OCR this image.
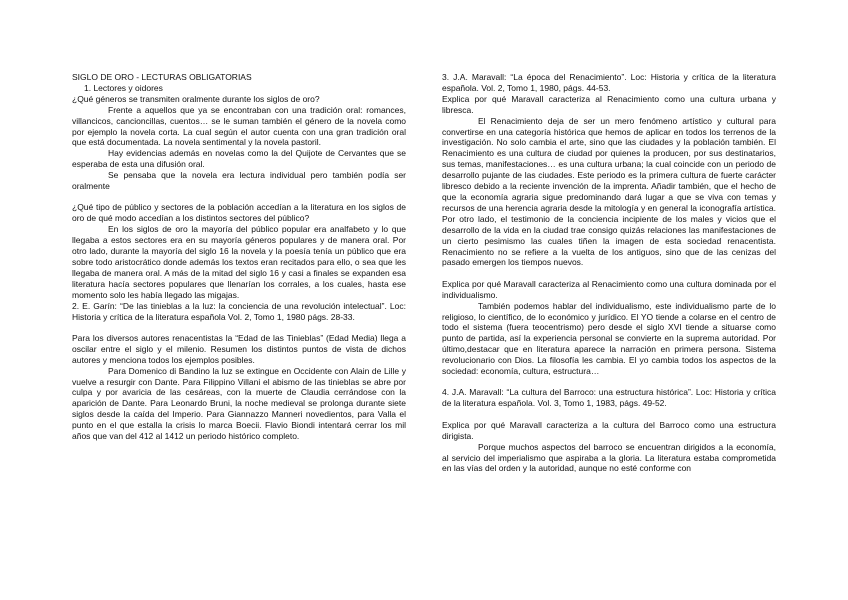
SIGLO DE ORO - LECTURAS OBLIGATORIAS

1. Lectores y oidores

¿Qué géneros se transmiten oralmente durante los siglos de oro?

Frente a aquellos que ya se encontraban con una tradición oral: romances, villancicos, cancioncillas, cuentos… se le suman también el género de la novela como por ejemplo la novela corta. La cual según el autor cuenta con una gran tradición oral que está documentada. La novela sentimental y la novela pastoril.

Hay evidencias además en novelas como la del Quijote de Cervantes que se esperaba de esta una difusión oral.

Se pensaba que la novela era lectura individual pero también podía ser oralmente

¿Qué tipo de público y sectores de la población accedían a la literatura en los siglos de oro de qué modo accedían a los distintos sectores del público?

En los siglos de oro la mayoría del público popular era analfabeto y lo que llegaba a estos sectores era en su mayoría géneros populares y de manera oral. Por otro lado, durante la mayoría del siglo 16 la novela y la poesía tenía un público que era sobre todo aristocrático donde además los textos eran recitados para ello, o sea que les llegaba de manera oral. A más de la mitad del siglo 16 y casi a finales se expanden esa literatura hacía sectores populares que llenarían los corrales, a los cuales, hasta ese momento solo les había llegado las migajas.

2. E. Garín: “De las tinieblas a la luz: la conciencia de una revolución intelectual”. Loc: Historia y crítica de la literatura española Vol. 2, Tomo 1, 1980 págs. 28-33.

Para los diversos autores renacentistas la “Edad de las Tinieblas” (Edad Media) llega a oscilar entre el siglo y el milenio. Resumen los distintos puntos de vista de dichos autores y menciona todos los ejemplos posibles.

Para Domenico di Bandino la luz se extingue en Occidente con Alain de Lille y vuelve a resurgir con Dante. Para Filippino Villani el abismo de las tinieblas se abre por culpa y por avaricia de las cesáreas, con la muerte de Claudia cerrándose con la aparición de Dante. Para Leonardo Bruni, la noche medieval se prolonga durante siete siglos desde la caída del Imperio. Para Giannazzo Manneri novedientos, para Valla el punto en el que estalla la crisis lo marca Boecii. Flavio Biondi intentará cerrar los mil años que van del 412 al 1412 un periodo histórico completo.

3. J.A. Maravall: “La época del Renacimiento”. Loc: Historia y crítica de la literatura española. Vol. 2, Tomo 1, 1980, págs. 44-53.

Explica por qué Maravall caracteriza al Renacimiento como una cultura urbana y libresca.

El Renacimiento deja de ser un mero fenómeno artístico y cultural para convertirse en una categoría histórica que hemos de aplicar en todos los terrenos de la investigación. No solo cambia el arte, sino que las ciudades y la población también. El Renacimiento es una cultura de ciudad por quienes la producen, por sus destinatarios, sus temas, manifestaciones… es una cultura urbana; la cual coincide con un periodo de desarrollo pujante de las ciudades. Este periodo es la primera cultura de fuerte carácter libresco debido a la reciente invención de la imprenta. Añadir también, que el hecho de que la economía agraria sigue predominando dará lugar a que se viva con temas y recursos de una herencia agraria desde la mitología y en general la iconografía artística. Por otro lado, el testimonio de la conciencia incipiente de los males y vicios que el desarrollo de la vida en la ciudad trae consigo quizás relaciones las manifestaciones de un cierto pesimismo las cuales tiñen la imagen de esta sociedad renacentista. Renacimiento no se refiere a la vuelta de los antiguos, sino que de las cenizas del pasado emergen los tiempos nuevos.

Explica por qué Maravall caracteriza al Renacimiento como una cultura dominada por el individualismo.

También podemos hablar del individualismo, este individualismo parte de lo religioso, lo científico, de lo económico y jurídico. El YO tiende a colarse en el centro de todo el sistema (fuera teocentrismo) pero desde el siglo XVI tiende a situarse como punto de partida, así la experiencia personal se convierte en la suprema autoridad. Por último,destacar que en literatura aparece la narración en primera persona. Sistema revolucionario con Dios. La filosofía les cambia. El yo cambia todos los aspectos de la sociedad: economía, cultura, estructura…

4. J.A. Maravall: “La cultura del Barroco: una estructura histórica”. Loc: Historia y crítica de la literatura española. Vol. 3, Tomo 1, 1983, págs. 49-52.

Explica por qué Maravall caracteriza a la cultura del Barroco como una estructura dirigista.

Porque muchos aspectos del barroco se encuentran dirigidos a la economía, al servicio del imperialismo que aspiraba a la gloria. La literatura estaba comprometida en las vías del orden y la autoridad, aunque no esté conforme con
